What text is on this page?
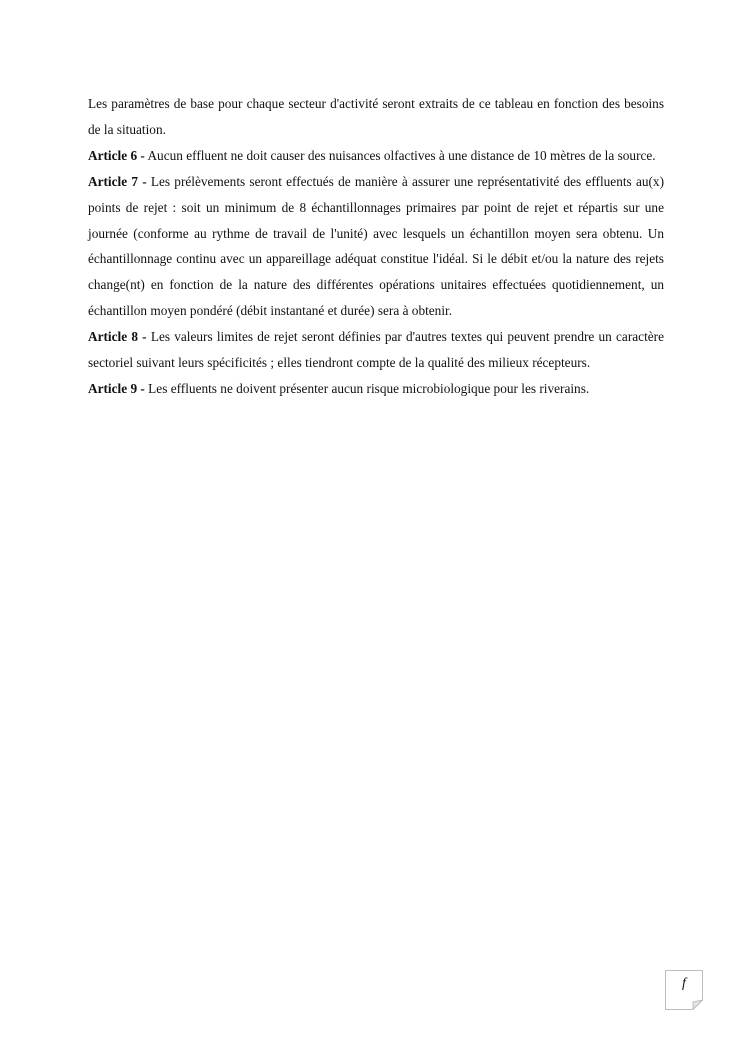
Les paramètres de base pour chaque secteur d'activité seront extraits de ce tableau en fonction des besoins de la situation.

Article 6 - Aucun effluent ne doit causer des nuisances olfactives à une distance de 10 mètres de la source.

Article 7 - Les prélèvements seront effectués de manière à assurer une représentativité des effluents au(x) points de rejet : soit un minimum de 8 échantillonnages primaires par point de rejet et répartis sur une journée (conforme au rythme de travail de l'unité) avec lesquels un échantillon moyen sera obtenu. Un échantillonnage continu avec un appareillage adéquat constitue l'idéal. Si le débit et/ou la nature des rejets change(nt) en fonction de la nature des différentes opérations unitaires effectuées quotidiennement, un échantillon moyen pondéré (débit instantané et durée) sera à obtenir.

Article 8 - Les valeurs limites de rejet seront définies par d'autres textes qui peuvent prendre un caractère sectoriel suivant leurs spécificités ; elles tiendront compte de la qualité des milieux récepteurs.

Article 9 - Les effluents ne doivent présenter aucun risque microbiologique pour les riverains.

f
